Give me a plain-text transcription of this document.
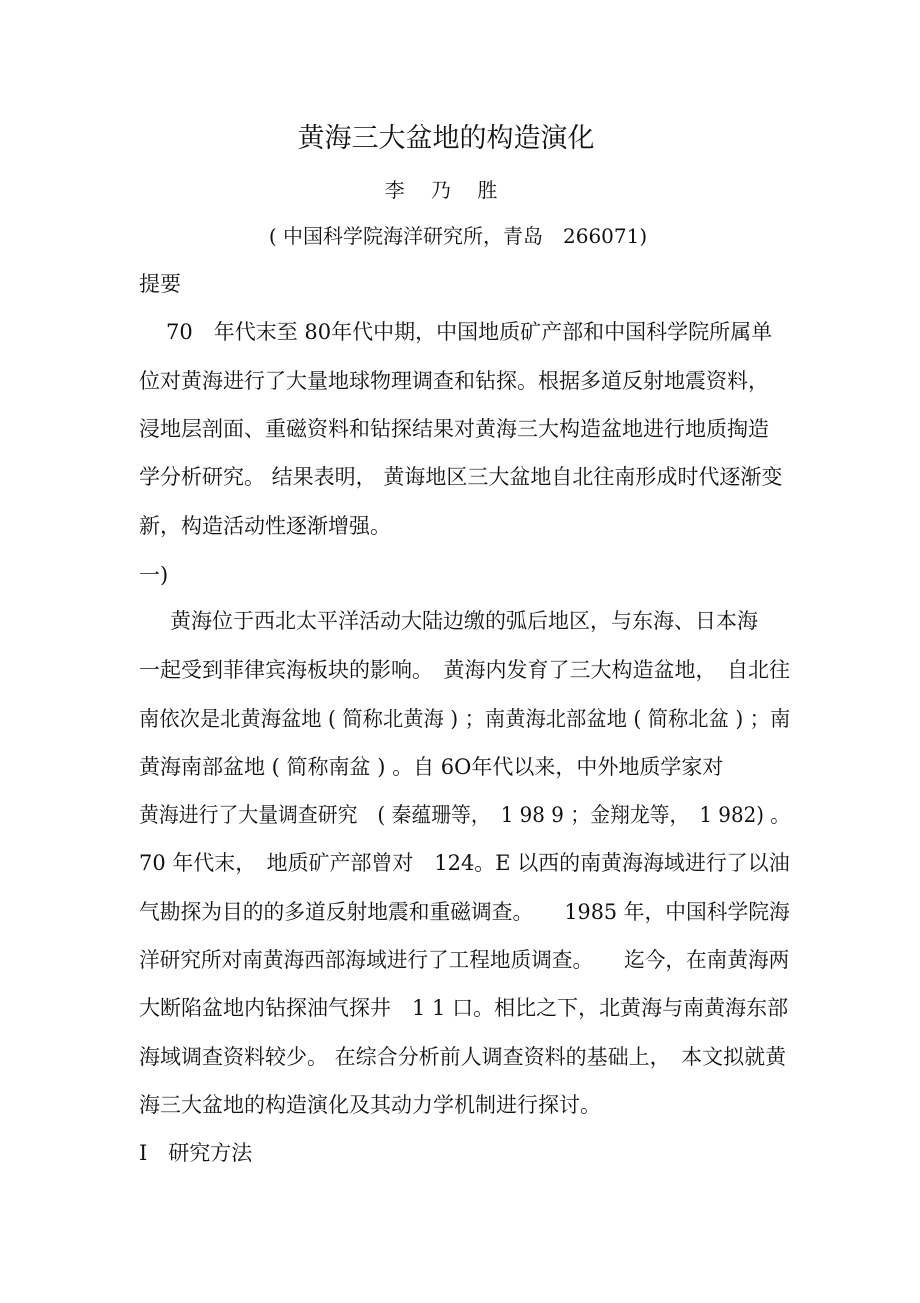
黄海三大盆地的构造演化
李 乃 胜
( 中国科学院海洋研究所，青岛　266071)
提要
70　年代末至 80年代中期，中国地质矿产部和中国科学院所属单
位对黄海进行了大量地球物理调查和钻探。根据多道反射地震资料，
浸地层剖面、重磁资料和钻探结果对黄海三大构造盆地进行地质掏造
学分析研究。 结果表明， 黄诲地区三大盆地自北往南形成时代逐渐变
新，构造活动性逐渐增强。
一)
黄海位于西北太平洋活动大陆边缴的弧后地区，与东海、日本海
一起受到菲律宾海板块的影响。　黄海内发育了三大构造盆地，　自北往
南依次是北黄海盆地 ( 简称北黄海 ) ；南黄海北部盆地 ( 简称北盆 ) ；南
黄海南部盆地 ( 简称南盆 ) 。自 6O年代以来，中外地质学家对
黄海进行了大量调查研究　( 秦蕴珊等，　1 98 9 ；金翔龙等，　1 982) 。
70 年代末，　地质矿产部曾对　124。E 以西的南黄海海域进行了以油
气勘探为目的的多道反射地震和重磁调查。　　1985 年，中国科学院海
洋研究所对南黄海西部海域进行了工程地质调查。　　迄今，在南黄海两
大断陷盆地内钻探油气探井　1 1 口。相比之下，北黄海与南黄海东部
海域调查资料较少。 在综合分析前人调查资料的基础上，　本文拟就黄
海三大盆地的构造演化及其动力学机制进行探讨。
I　研究方法
